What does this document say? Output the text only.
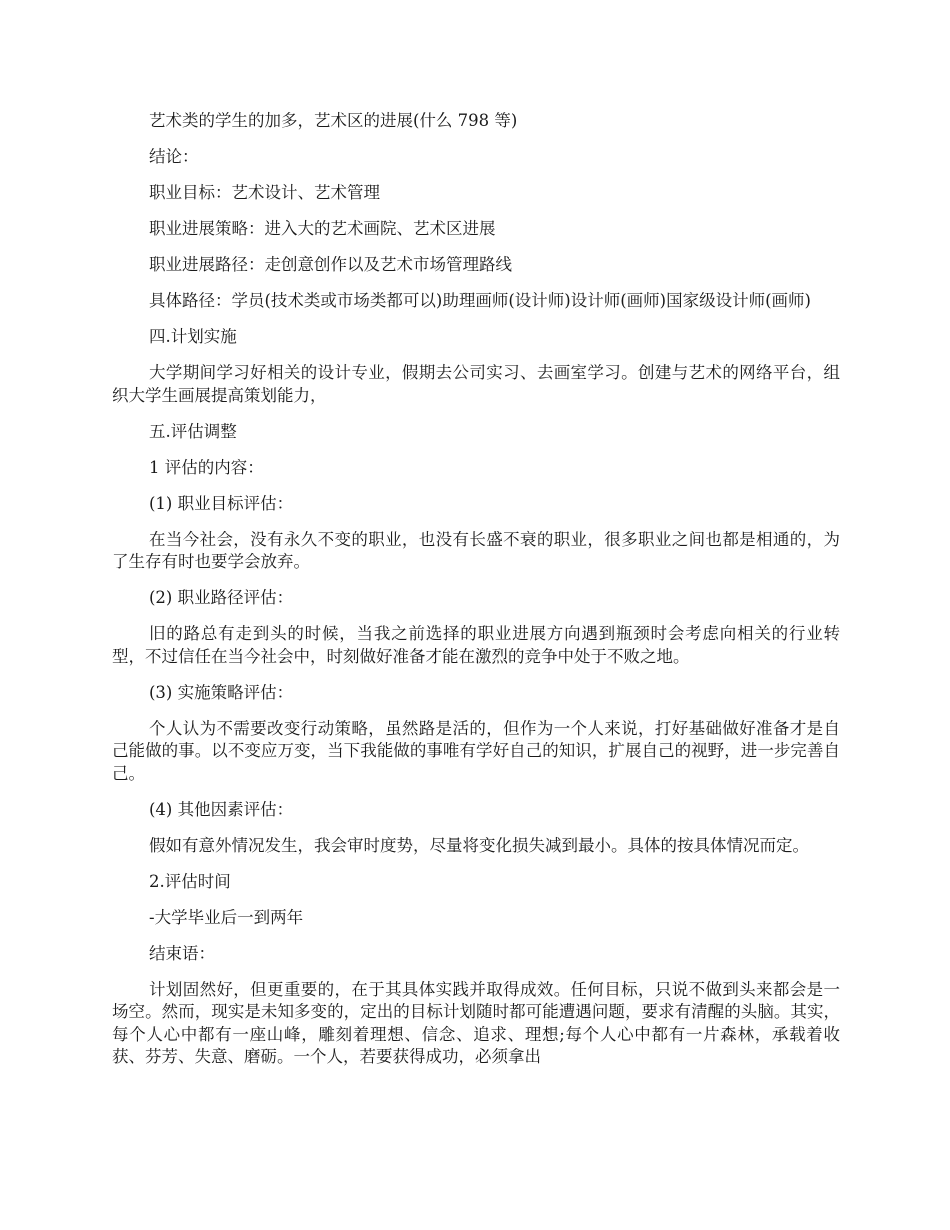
艺术类的学生的加多，艺术区的进展(什么 798 等)

结论：

职业目标：艺术设计、艺术管理

职业进展策略：进入大的艺术画院、艺术区进展

职业进展路径：走创意创作以及艺术市场管理路线

具体路径：学员(技术类或市场类都可以)助理画师(设计师)设计师(画师)国家级设计师(画师)

四.计划实施

大学期间学习好相关的设计专业，假期去公司实习、去画室学习。创建与艺术的网络平台，组织大学生画展提高策划能力，

五.评估调整

1 评估的内容：

(1) 职业目标评估：

在当今社会，没有永久不变的职业，也没有长盛不衰的职业，很多职业之间也都是相通的，为了生存有时也要学会放弃。

(2) 职业路径评估：

旧的路总有走到头的时候，当我之前选择的职业进展方向遇到瓶颈时会考虑向相关的行业转型，不过信任在当今社会中，时刻做好准备才能在激烈的竞争中处于不败之地。

(3) 实施策略评估：

个人认为不需要改变行动策略，虽然路是活的，但作为一个人来说，打好基础做好准备才是自己能做的事。以不变应万变，当下我能做的事唯有学好自己的知识，扩展自己的视野，进一步完善自己。

(4) 其他因素评估：

假如有意外情况发生，我会审时度势，尽量将变化损失减到最小。具体的按具体情况而定。

2.评估时间

-大学毕业后一到两年

结束语：

计划固然好，但更重要的，在于其具体实践并取得成效。任何目标，只说不做到头来都会是一场空。然而，现实是未知多变的，定出的目标计划随时都可能遭遇问题，要求有清醒的头脑。其实，每个人心中都有一座山峰，雕刻着理想、信念、追求、理想;每个人心中都有一片森林，承载着收获、芬芳、失意、磨砺。一个人，若要获得成功，必须拿出
